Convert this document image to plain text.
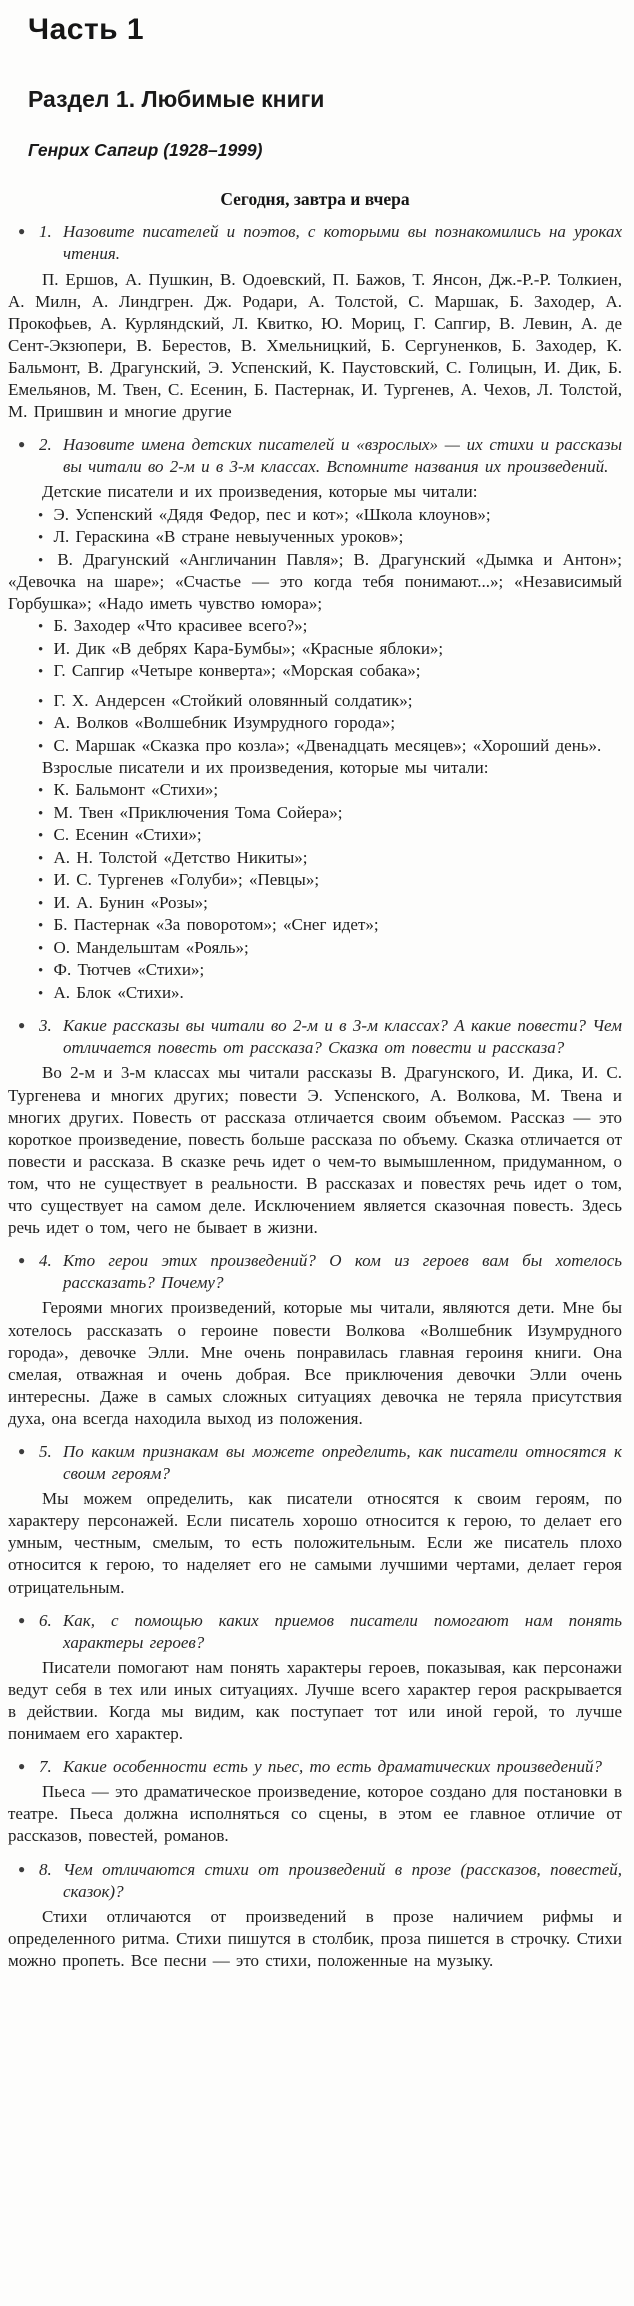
Часть 1
Раздел 1. Любимые книги
Генрих Сапгир (1928–1999)
Сегодня, завтра и вчера
● 1. Назовите писателей и поэтов, с которыми вы познакомились на уроках чтения.
П. Ершов, А. Пушкин, В. Одоевский, П. Бажов, Т. Янсон, Дж.-Р.-Р. Толкиен, А. Милн, А. Линдгрен. Дж. Родари, А. Толстой, С. Маршак, Б. Заходер, А. Прокофьев, А. Курляндский, Л. Квитко, Ю. Мориц, Г. Сапгир, В. Левин, А. де Сент-Экзюпери, В. Берестов, В. Хмельницкий, Б. Сергуненков, Б. Заходер, К. Бальмонт, В. Драгунский, Э. Успенский, К. Паустовский, С. Голицын, И. Дик, Б. Емельянов, М. Твен, С. Есенин, Б. Пастернак, И. Тургенев, А. Чехов, Л. Толстой, М. Пришвин и многие другие
● 2. Назовите имена детских писателей и «взрослых» — их стихи и рассказы вы читали во 2-м и в 3-м классах. Вспомните названия их произведений.
Детские писатели и их произведения, которые мы читали:
• Э. Успенский «Дядя Федор, пес и кот»; «Школа клоунов»;
• Л. Гераскина «В стране невыученных уроков»;
• В. Драгунский «Англичанин Павля»; В. Драгунский «Дымка и Антон»; «Девочка на шаре»; «Счастье — это когда тебя понимают...»; «Независимый Горбушка»; «Надо иметь чувство юмора»;
• Б. Заходер «Что красивее всего?»;
• И. Дик «В дебрях Кара-Бумбы»; «Красные яблоки»;
• Г. Сапгир «Четыре конверта»; «Морская собака»;
• Г. Х. Андерсен «Стойкий оловянный солдатик»;
• А. Волков «Волшебник Изумрудного города»;
• С. Маршак «Сказка про козла»; «Двенадцать месяцев»; «Хороший день».
Взрослые писатели и их произведения, которые мы читали:
• К. Бальмонт «Стихи»;
• М. Твен «Приключения Тома Сойера»;
• С. Есенин «Стихи»;
• А. Н. Толстой «Детство Никиты»;
• И. С. Тургенев «Голуби»; «Певцы»;
• И. А. Бунин «Розы»;
• Б. Пастернак «За поворотом»; «Снег идет»;
• О. Мандельштам «Рояль»;
• Ф. Тютчев «Стихи»;
• А. Блок «Стихи».
● 3. Какие рассказы вы читали во 2-м и в 3-м классах? А какие повести? Чем отличается повесть от рассказа? Сказка от повести и рассказа?
Во 2-м и 3-м классах мы читали рассказы В. Драгунского, И. Дика, И. С. Тургенева и многих других; повести Э. Успенского, А. Волкова, М. Твена и многих других. Повесть от рассказа отличается своим объемом. Рассказ — это короткое произведение, повесть больше рассказа по объему. Сказка отличается от повести и рассказа. В сказке речь идет о чем-то вымышленном, придуманном, о том, что не существует в реальности. В рассказах и повестях речь идет о том, что существует на самом деле. Исключением является сказочная повесть. Здесь речь идет о том, чего не бывает в жизни.
● 4. Кто герои этих произведений? О ком из героев вам бы хотелось рассказать? Почему?
Героями многих произведений, которые мы читали, являются дети. Мне бы хотелось рассказать о героине повести Волкова «Волшебник Изумрудного города», девочке Элли. Мне очень понравилась главная героиня книги. Она смелая, отважная и очень добрая. Все приключения девочки Элли очень интересны. Даже в самых сложных ситуациях девочка не теряла присутствия духа, она всегда находила выход из положения.
● 5. По каким признакам вы можете определить, как писатели относятся к своим героям?
Мы можем определить, как писатели относятся к своим героям, по характеру персонажей. Если писатель хорошо относится к герою, то делает его умным, честным, смелым, то есть положительным. Если же писатель плохо относится к герою, то наделяет его не самыми лучшими чертами, делает героя отрицательным.
● 6. Как, с помощью каких приемов писатели помогают нам понять характеры героев?
Писатели помогают нам понять характеры героев, показывая, как персонажи ведут себя в тех или иных ситуациях. Лучше всего характер героя раскрывается в действии. Когда мы видим, как поступает тот или иной герой, то лучше понимаем его характер.
● 7. Какие особенности есть у пьес, то есть драматических произведений?
Пьеса — это драматическое произведение, которое создано для постановки в театре. Пьеса должна исполняться со сцены, в этом ее главное отличие от рассказов, повестей, романов.
● 8. Чем отличаются стихи от произведений в прозе (рассказов, повестей, сказок)?
Стихи отличаются от произведений в прозе наличием рифмы и определенного ритма. Стихи пишутся в столбик, проза пишется в строчку. Стихи можно пропеть. Все песни — это стихи, положенные на музыку.
